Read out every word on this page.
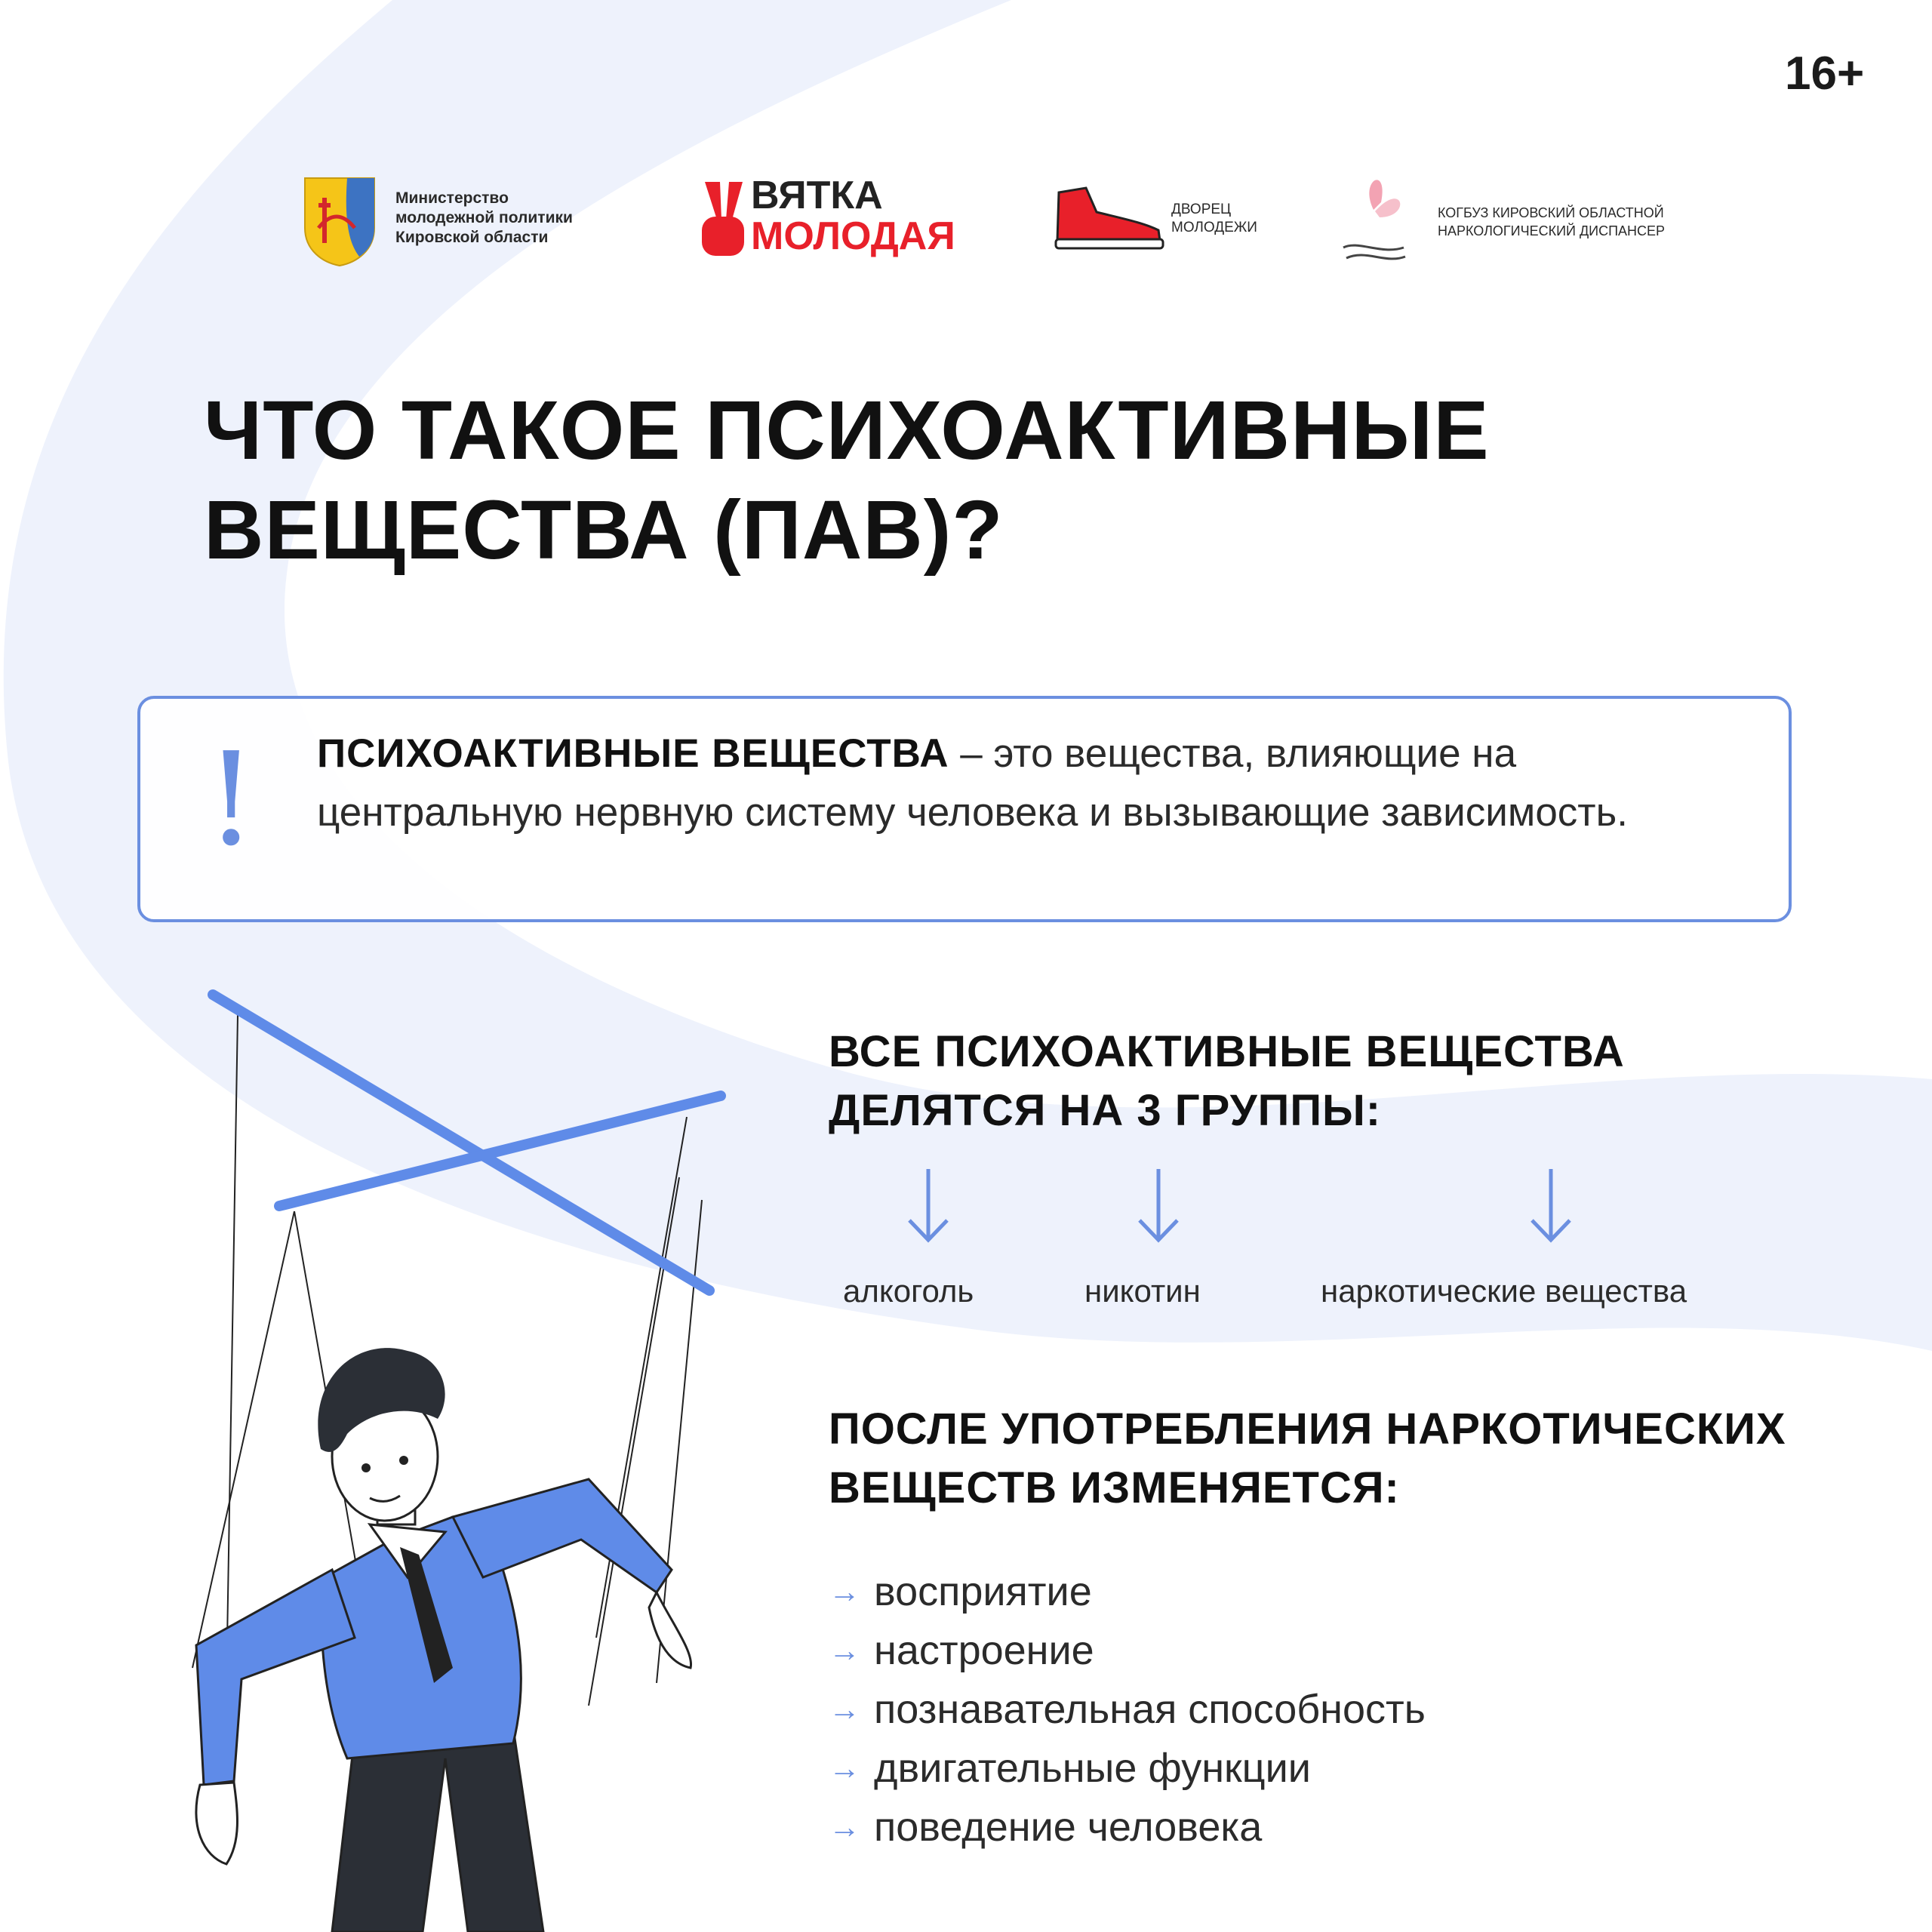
16+
Министерство
молодежной политики
Кировской области
ВЯТКА
МОЛОДАЯ
ДВОРЕЦ
МОЛОДЕЖИ
КОГБУЗ КИРОВСКИЙ ОБЛАСТНОЙ
НАРКОЛОГИЧЕСКИЙ ДИСПАНСЕР
ЧТО ТАКОЕ ПСИХОАКТИВНЫЕ
ВЕЩЕСТВА (ПАВ)?
! ПСИХОАКТИВНЫЕ ВЕЩЕСТВА – это вещества, влияющие на центральную нервную систему человека и вызывающие зависимость.
ВСЕ ПСИХОАКТИВНЫЕ ВЕЩЕСТВА
ДЕЛЯТСЯ НА 3 ГРУППЫ:
алкоголь	никотин	наркотические вещества
ПОСЛЕ УПОТРЕБЛЕНИЯ НАРКОТИЧЕСКИХ
ВЕЩЕСТВ ИЗМЕНЯЕТСЯ:
→ восприятие
→ настроение
→ познавательная способность
→ двигательные функции
→ поведение человека
